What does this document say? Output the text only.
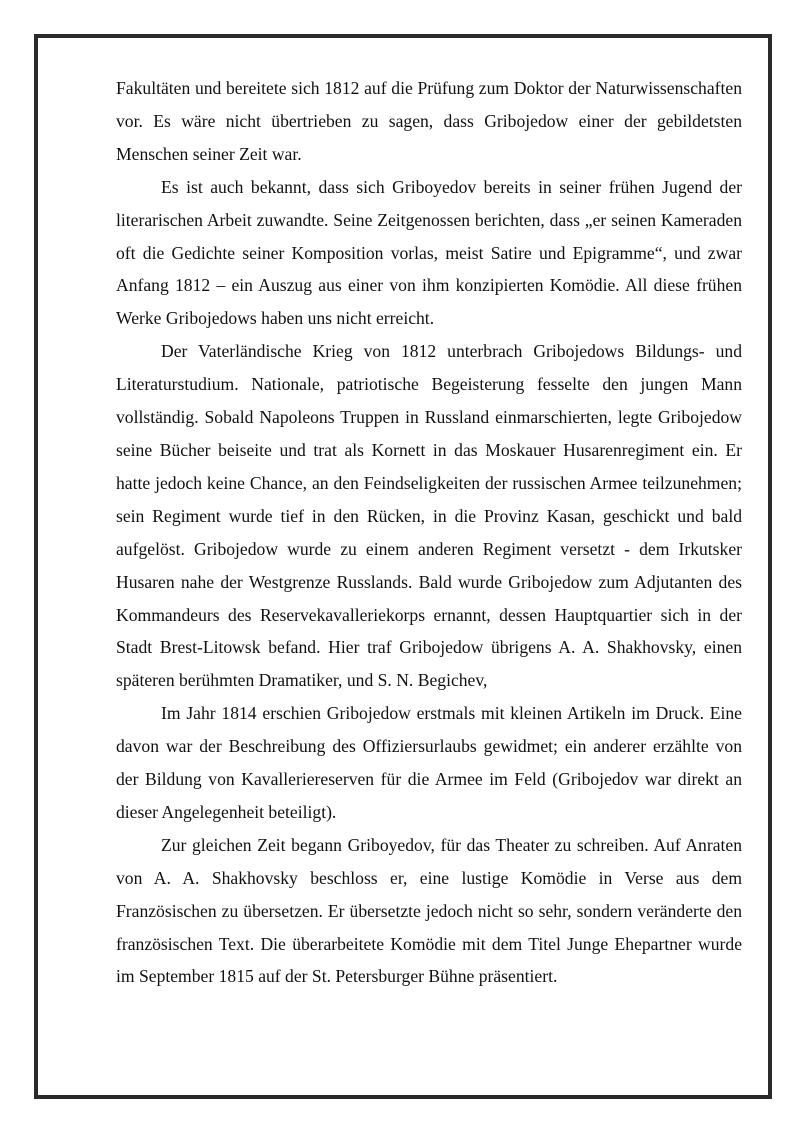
Fakultäten und bereitete sich 1812 auf die Prüfung zum Doktor der Naturwissenschaften vor. Es wäre nicht übertrieben zu sagen, dass Gribojedow einer der gebildetsten Menschen seiner Zeit war.

Es ist auch bekannt, dass sich Griboyedov bereits in seiner frühen Jugend der literarischen Arbeit zuwandte. Seine Zeitgenossen berichten, dass „er seinen Kameraden oft die Gedichte seiner Komposition vorlas, meist Satire und Epigramme“, und zwar Anfang 1812 – ein Auszug aus einer von ihm konzipierten Komödie. All diese frühen Werke Gribojedows haben uns nicht erreicht.

Der Vaterländische Krieg von 1812 unterbrach Gribojedows Bildungs- und Literaturstudium. Nationale, patriotische Begeisterung fesselte den jungen Mann vollständig. Sobald Napoleons Truppen in Russland einmarschierten, legte Gribojedow seine Bücher beiseite und trat als Kornett in das Moskauer Husarenregiment ein. Er hatte jedoch keine Chance, an den Feindseligkeiten der russischen Armee teilzunehmen; sein Regiment wurde tief in den Rücken, in die Provinz Kasan, geschickt und bald aufgelöst. Gribojedow wurde zu einem anderen Regiment versetzt - dem Irkutsker Husaren nahe der Westgrenze Russlands. Bald wurde Gribojedow zum Adjutanten des Kommandeurs des Reservekavalleriekorps ernannt, dessen Hauptquartier sich in der Stadt Brest-Litowsk befand. Hier traf Gribojedow übrigens A. A. Shakhovsky, einen späteren berühmten Dramatiker, und S. N. Begichev,

Im Jahr 1814 erschien Gribojedow erstmals mit kleinen Artikeln im Druck. Eine davon war der Beschreibung des Offiziersurlaubs gewidmet; ein anderer erzählte von der Bildung von Kavalleriereserven für die Armee im Feld (Gribojedov war direkt an dieser Angelegenheit beteiligt).

Zur gleichen Zeit begann Griboyedov, für das Theater zu schreiben. Auf Anraten von A. A. Shakhovsky beschloss er, eine lustige Komödie in Verse aus dem Französischen zu übersetzen. Er übersetzte jedoch nicht so sehr, sondern veränderte den französischen Text. Die überarbeitete Komödie mit dem Titel Junge Ehepartner wurde im September 1815 auf der St. Petersburger Bühne präsentiert.
